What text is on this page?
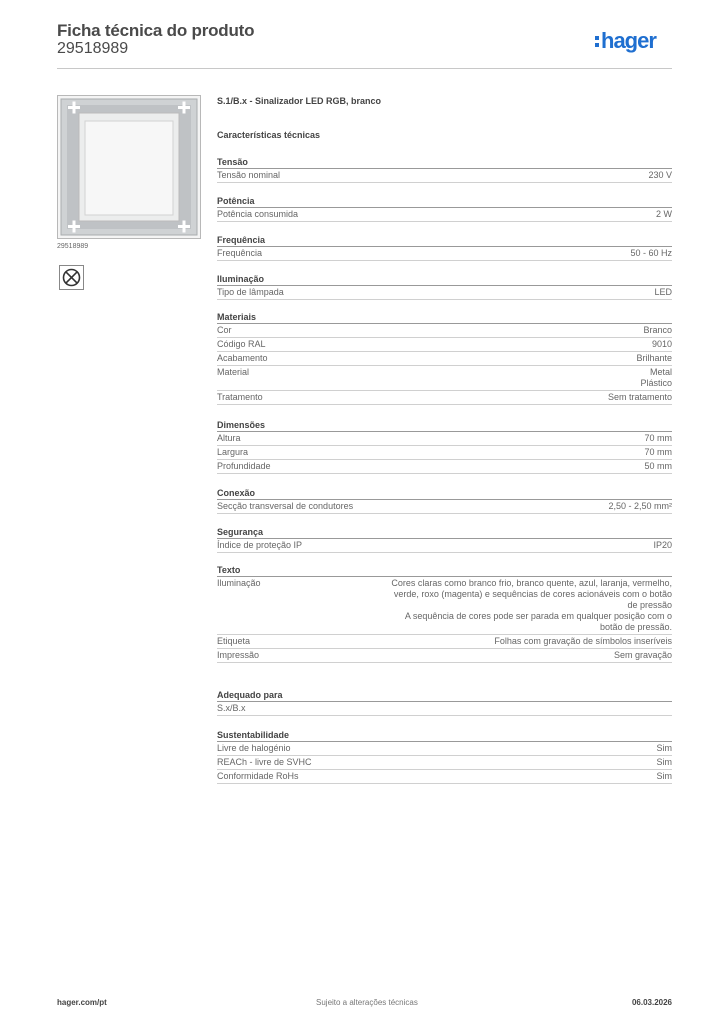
Ficha técnica do produto
29518989	hager
29518989
S.1/B.x - Sinalizador LED RGB, branco
Características técnicas
Tensão
Tensão nominal	230 V
Potência
Potência consumida	2 W
Frequência
Frequência	50 - 60 Hz
Iluminação
Tipo de lâmpada	LED
Materiais
Cor	Branco
Código RAL	9010
Acabamento	Brilhante
Material	Metal
Plástico
Tratamento	Sem tratamento
Dimensões
Altura	70 mm
Largura	70 mm
Profundidade	50 mm
Conexão
Secção transversal de condutores	2,50 - 2,50 mm²
Segurança
Índice de proteção IP	IP20
Texto
Iluminação	Cores claras como branco frio, branco quente, azul, laranja, vermelho,
verde, roxo (magenta) e sequências de cores acionáveis com o botão
de pressão
A sequência de cores pode ser parada em qualquer posição com o
botão de pressão.
Etiqueta	Folhas com gravação de símbolos inseríveis
Impressão	Sem gravação
Adequado para
S.x/B.x
Sustentabilidade
Livre de halogénio	Sim
REACh - livre de SVHC	Sim
Conformidade RoHs	Sim
hager.com/pt	Sujeito a alterações técnicas	06.03.2026
